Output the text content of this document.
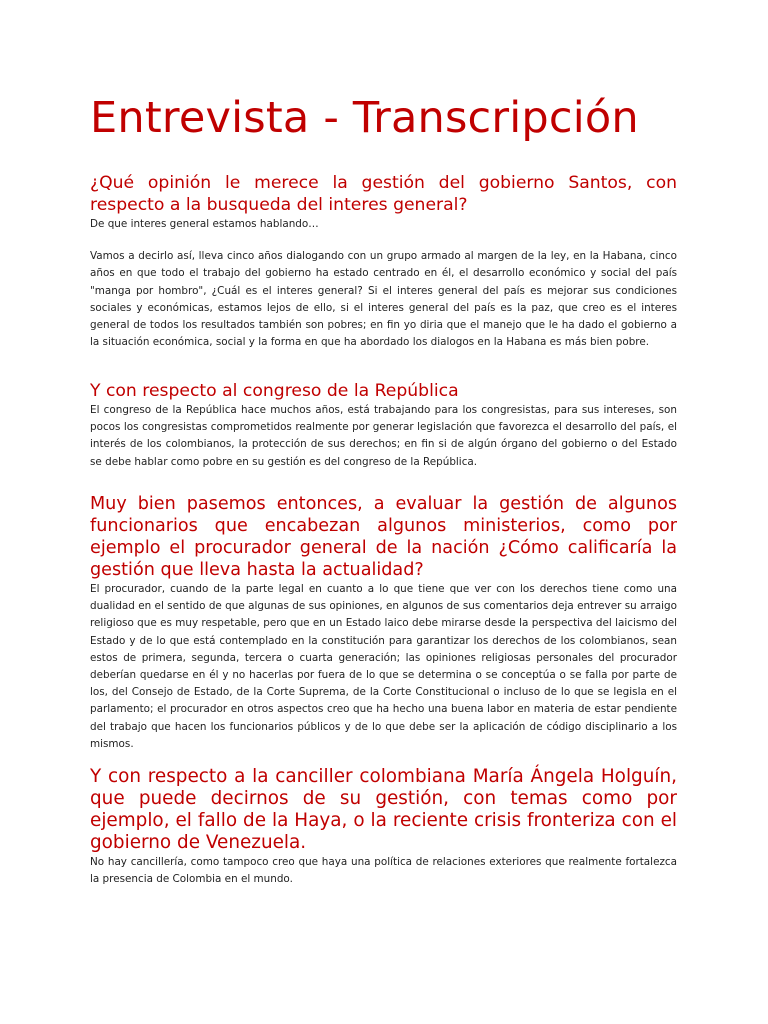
Entrevista - Transcripción
¿Qué opinión le merece la gestión del gobierno Santos, con respecto a la busqueda del interes general?

De que interes general estamos hablando…

Vamos a decirlo así, lleva cinco años dialogando con un grupo armado al margen de la ley, en la Habana, cinco años en que todo el trabajo del gobierno ha estado centrado en él, el desarrollo económico y social del país "manga por hombro", ¿Cuál es el interes general? Si el interes general del país es mejorar sus condiciones sociales y económicas, estamos lejos de ello, si el interes general del país es la paz, que creo es el interes general de todos los resultados también son pobres; en fin yo diria que el manejo que le ha dado el gobierno a la situación económica, social y la forma en que ha abordado los dialogos en la Habana es más bien pobre.

Y con respecto al congreso de la República

El congreso de la República hace muchos años, está trabajando para los congresistas, para sus intereses, son pocos los congresistas comprometidos realmente por generar legislación que favorezca el desarrollo del país, el interés de los colombianos, la protección de sus derechos; en fin si de algún órgano del gobierno o del Estado se debe hablar como pobre en su gestión es del congreso de la República.

Muy bien pasemos entonces, a evaluar la gestión de algunos funcionarios que encabezan algunos ministerios, como por ejemplo el procurador general de la nación ¿Cómo calificaría la gestión que lleva hasta la actualidad?

El procurador, cuando de la parte legal en cuanto a lo que tiene que ver con los derechos tiene como una dualidad en el sentido de que algunas de sus opiniones, en algunos de sus comentarios deja entrever su arraigo religioso que es muy respetable, pero que en un Estado laico debe mirarse desde la perspectiva del laicismo del Estado y de lo que está contemplado en la constitución para garantizar los derechos de los colombianos, sean estos de primera, segunda, tercera o cuarta generación; las opiniones religiosas personales del procurador deberían quedarse en él y no hacerlas por fuera de lo que se determina o se conceptúa o se falla por parte de los, del Consejo de Estado, de la Corte Suprema, de la Corte Constitucional o incluso de lo que se legisla en el parlamento; el procurador en otros aspectos creo que ha hecho una buena labor en materia de estar pendiente del trabajo que hacen los funcionarios públicos y de lo que debe ser la aplicación de código disciplinario a los mismos.

Y con respecto a la canciller colombiana María Ángela Holguín, que puede decirnos de su gestión, con temas como por ejemplo, el fallo de la Haya, o la reciente crisis fronteriza con el gobierno de Venezuela.

No hay cancillería, como tampoco creo que haya una política de relaciones exteriores que realmente fortalezca la presencia de Colombia en el mundo.
